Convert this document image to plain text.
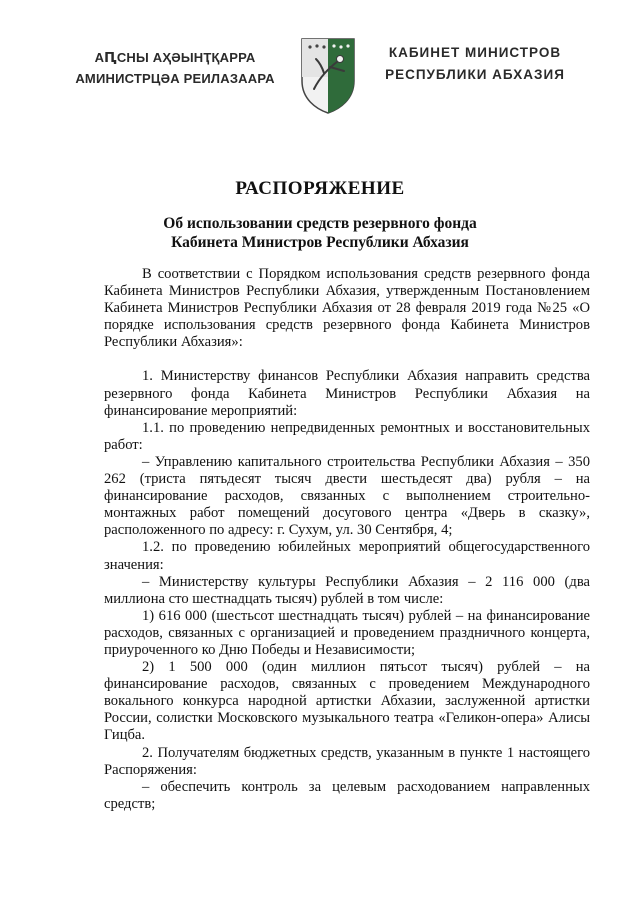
АԤСНЫ АҲӘЫНҬҚАРРА
АМИНИСТРЦӘА РЕИЛАЗААРА
КАБИНЕТ МИНИСТРОВ
РЕСПУБЛИКИ АБХАЗИЯ
РАСПОРЯЖЕНИЕ
Об использовании средств резервного фонда
Кабинета Министров Республики Абхазия

В соответствии с Порядком использования средств резервного фонда Кабинета Министров Республики Абхазия, утвержденным Постановлением Кабинета Министров Республики Абхазия от 28 февраля 2019 года №25 «О порядке использования средств резервного фонда Кабинета Министров Республики Абхазия»:

1. Министерству финансов Республики Абхазия направить средства резервного фонда Кабинета Министров Республики Абхазия на финансирование мероприятий:

1.1. по проведению непредвиденных ремонтных и восстановительных работ:

– Управлению капитального строительства Республики Абхазия – 350 262 (триста пятьдесят тысяч двести шестьдесят два) рубля – на финансирование расходов, связанных с выполнением строительно-монтажных работ помещений досугового центра «Дверь в сказку», расположенного по адресу: г. Сухум, ул. 30 Сентября, 4;

1.2. по проведению юбилейных мероприятий общегосударственного значения:

– Министерству культуры Республики Абхазия – 2 116 000 (два миллиона сто шестнадцать тысяч) рублей в том числе:

1) 616 000 (шестьсот шестнадцать тысяч) рублей – на финансирование расходов, связанных с организацией и проведением праздничного концерта, приуроченного ко Дню Победы и Независимости;

2) 1 500 000 (один миллион пятьсот тысяч) рублей – на финансирование расходов, связанных с проведением Международного вокального конкурса народной артистки Абхазии, заслуженной артистки России, солистки Московского музыкального театра «Геликон-опера» Алисы Гицба.

2. Получателям бюджетных средств, указанным в пункте 1 настоящего Распоряжения:

– обеспечить контроль за целевым расходованием направленных средств;
